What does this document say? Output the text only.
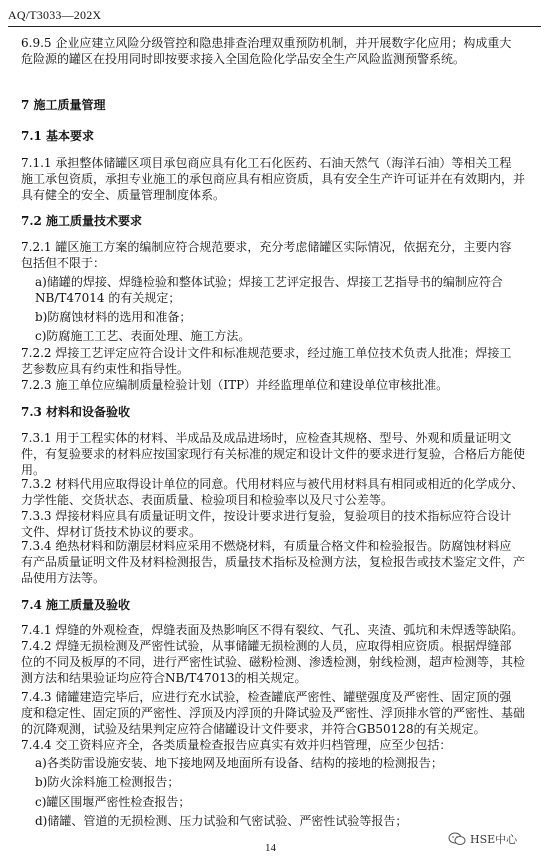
AQ/T3033—202X

6.9.5 企业应建立风险分级管控和隐患排查治理双重预防机制，并开展数字化应用；构成重大

危险源的罐区在投用同时即按要求接入全国危险化学品安全生产风险监测预警系统。

7 施工质量管理

7.1 基本要求

7.1.1 承担整体储罐区项目承包商应具有化工石化医药、石油天然气（海洋石油）等相关工程

施工承包资质，承担专业施工的承包商应具有相应资质，具有安全生产许可证并在有效期内，并

具有健全的安全、质量管理制度体系。

7.2 施工质量技术要求

7.2.1 罐区施工方案的编制应符合规范要求，充分考虑储罐区实际情况，依据充分，主要内容

包括但不限于：

a)储罐的焊接、焊缝检验和整体试验；焊接工艺评定报告、焊接工艺指导书的编制应符合

NB/T47014 的有关规定；

b)防腐蚀材料的选用和准备；

c)防腐施工工艺、表面处理、施工方法。

7.2.2 焊接工艺评定应符合设计文件和标准规范要求，经过施工单位技术负责人批准；焊接工

艺参数应具有约束性和指导性。

7.2.3 施工单位应编制质量检验计划（ITP）并经监理单位和建设单位审核批准。

7.3 材料和设备验收

7.3.1 用于工程实体的材料、半成品及成品进场时，应检查其规格、型号、外观和质量证明文

件，有复验要求的材料应按国家现行有关标准的规定和设计文件的要求进行复验，合格后方能使

用。

7.3.2 材料代用应取得设计单位的同意。代用材料应与被代用材料具有相同或相近的化学成分、

力学性能、交货状态、表面质量、检验项目和检验率以及尺寸公差等。

7.3.3 焊接材料应具有质量证明文件，按设计要求进行复验，复验项目的技术指标应符合设计

文件、焊材订货技术协议的要求。

7.3.4 绝热材料和防潮层材料应采用不燃烧材料，有质量合格文件和检验报告。防腐蚀材料应

有产品质量证明文件及材料检测报告，质量技术指标及检测方法，复检报告或技术鉴定文件，产

品使用方法等。

7.4 施工质量及验收

7.4.1 焊缝的外观检查，焊缝表面及热影响区不得有裂纹、气孔、夹渣、弧坑和未焊透等缺陷。

7.4.2 焊缝无损检测及严密性试验，从事储罐无损检测的人员，应取得相应资质。根据焊缝部

位的不同及板厚的不同，进行严密性试验、磁粉检测、渗透检测，射线检测，超声检测等，其检

测方法和结果验证均应符合NB/T47013的相关规定。

7.4.3 储罐建造完毕后，应进行充水试验，检查罐底严密性、罐壁强度及严密性、固定顶的强

度和稳定性、固定顶的严密性、浮顶及内浮顶的升降试验及严密性、浮顶排水管的严密性、基础

的沉降观测，试验及结果判定应符合储罐设计文件要求，并符合GB50128的有关规定。

7.4.4 交工资料应齐全，各类质量检查报告应真实有效并归档管理，应至少包括：

a)各类防雷设施安装、地下接地网及地面所有设备、结构的接地的检测报告；

b)防火涂料施工检测报告；

c)罐区围堰严密性检查报告；

d)储罐、管道的无损检测、压力试验和气密试验、严密性试验等报告；

14
HSE中心
